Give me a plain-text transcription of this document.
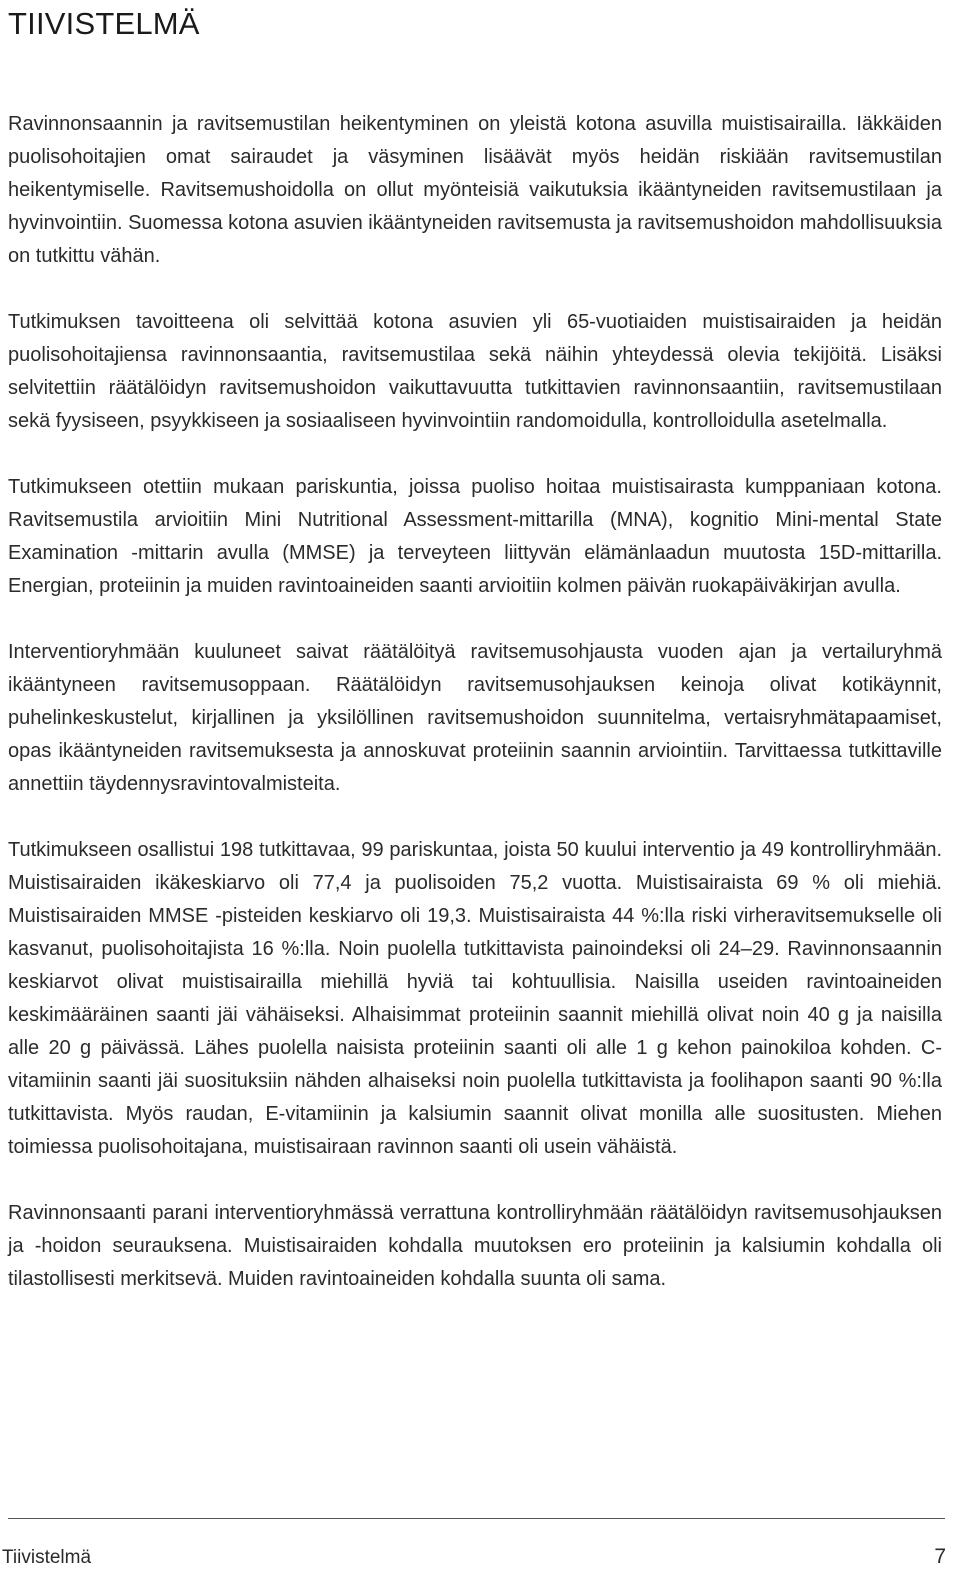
TIIVISTELMÄ

Ravinnonsaannin ja ravitsemustilan heikentyminen on yleistä kotona asuvilla muistisairailla. Iäkkäiden puolisohoitajien omat sairaudet ja väsyminen lisäävät myös heidän riskiään ravitsemustilan heikentymiselle. Ravitsemushoidolla on ollut myönteisiä vaikutuksia ikääntyneiden ravitsemustilaan ja hyvinvointiin. Suomessa kotona asuvien ikääntyneiden ravitsemusta ja ravitsemushoidon mahdollisuuksia on tutkittu vähän.

Tutkimuksen tavoitteena oli selvittää kotona asuvien yli 65-vuotiaiden muistisairaiden ja heidän puolisohoitajiensa ravinnonsaantia, ravitsemustilaa sekä näihin yhteydessä olevia tekijöitä. Lisäksi selvitettiin räätälöidyn ravitsemushoidon vaikuttavuutta tutkittavien ravinnonsaantiin, ravitsemustilaan sekä fyysiseen, psyykkiseen ja sosiaaliseen hyvinvointiin randomoidulla, kontrolloidulla asetelmalla.

Tutkimukseen otettiin mukaan pariskuntia, joissa puoliso hoitaa muistisairasta kumppaniaan kotona. Ravitsemustila arvioitiin Mini Nutritional Assessment-mittarilla (MNA), kognitio Mini-mental State Examination -mittarin avulla (MMSE) ja terveyteen liittyvän elämänlaadun muutosta 15D-mittarilla. Energian, proteiinin ja muiden ravintoaineiden saanti arvioitiin kolmen päivän ruokapäiväkirjan avulla.

Interventioryhmään kuuluneet saivat räätälöityä ravitsemusohjausta vuoden ajan ja vertailuryhmä ikääntyneen ravitsemusoppaan. Räätälöidyn ravitsemusohjauksen keinoja olivat kotikäynnit, puhelinkeskustelut, kirjallinen ja yksilöllinen ravitsemushoidon suunnitelma, vertaisryhmätapaamiset, opas ikääntyneiden ravitsemuksesta ja annoskuvat proteiinin saannin arviointiin. Tarvittaessa tutkittaville annettiin täydennysravintovalmisteita.

Tutkimukseen osallistui 198 tutkittavaa, 99 pariskuntaa, joista 50 kuului interventio ja 49 kontrolliryhmään. Muistisairaiden ikäkeskiarvo oli 77,4 ja puolisoiden 75,2 vuotta. Muistisairaista 69 % oli miehiä. Muistisairaiden MMSE -pisteiden keskiarvo oli 19,3. Muistisairaista 44 %:lla riski virheravitsemukselle oli kasvanut, puolisohoitajista 16 %:lla. Noin puolella tutkittavista painoindeksi oli 24–29. Ravinnonsaannin keskiarvot olivat muistisairailla miehillä hyviä tai kohtuullisia. Naisilla useiden ravintoaineiden keskimääräinen saanti jäi vähäiseksi. Alhaisimmat proteiinin saannit miehillä olivat noin 40 g ja naisilla alle 20 g päivässä. Lähes puolella naisista proteiinin saanti oli alle 1 g kehon painokiloa kohden. C-vitamiinin saanti jäi suosituksiin nähden alhaiseksi noin puolella tutkittavista ja foolihapon saanti 90 %:lla tutkittavista. Myös raudan, E-vitamiinin ja kalsiumin saannit olivat monilla alle suositusten. Miehen toimiessa puolisohoitajana, muistisairaan ravinnon saanti oli usein vähäistä.

Ravinnonsaanti parani interventioryhmässä verrattuna kontrolliryhmään räätälöidyn ravitsemusohjauksen ja -hoidon seurauksena. Muistisairaiden kohdalla muutoksen ero proteiinin ja kalsiumin kohdalla oli tilastollisesti merkitsevä. Muiden ravintoaineiden kohdalla suunta oli sama.

Tiivistelmä	7
